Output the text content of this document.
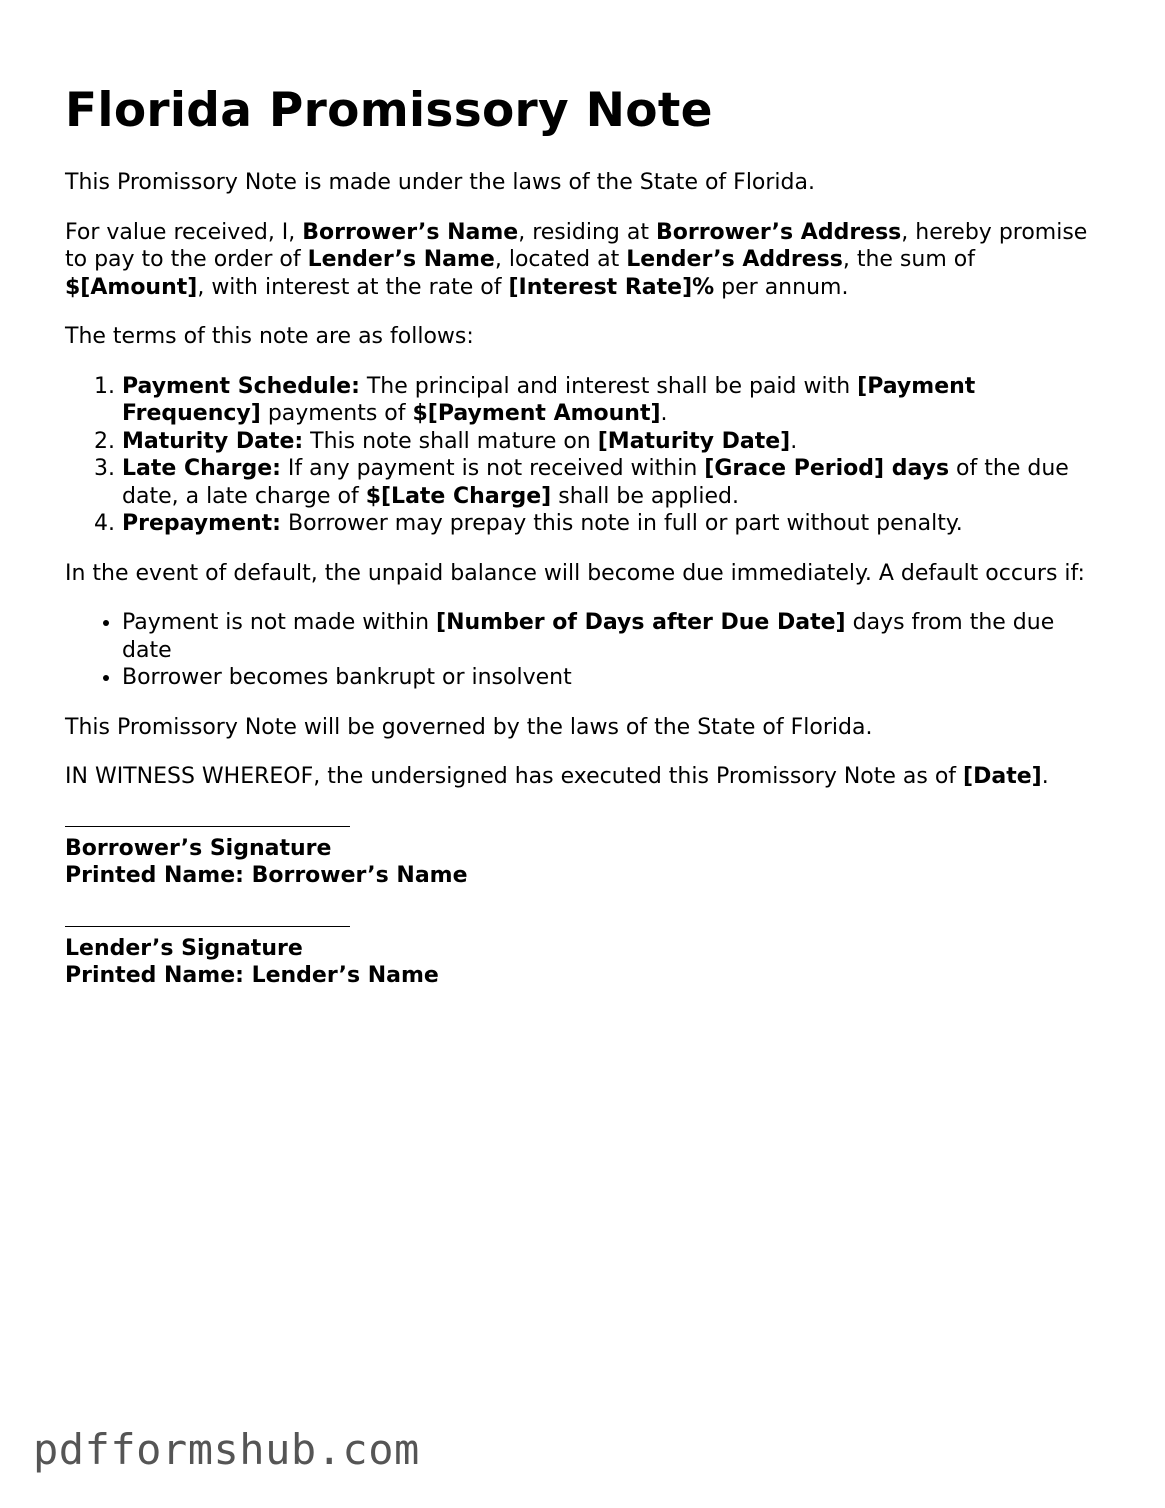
Florida Promissory Note

This Promissory Note is made under the laws of the State of Florida.

For value received, I, Borrower’s Name, residing at Borrower’s Address, hereby promise to pay to the order of Lender’s Name, located at Lender’s Address, the sum of $[Amount], with interest at the rate of [Interest Rate]% per annum.

The terms of this note are as follows:

1. Payment Schedule: The principal and interest shall be paid with [Payment Frequency] payments of $[Payment Amount].
2. Maturity Date: This note shall mature on [Maturity Date].
3. Late Charge: If any payment is not received within [Grace Period] days of the due date, a late charge of $[Late Charge] shall be applied.
4. Prepayment: Borrower may prepay this note in full or part without penalty.

In the event of default, the unpaid balance will become due immediately. A default occurs if:

• Payment is not made within [Number of Days after Due Date] days from the due date
• Borrower becomes bankrupt or insolvent

This Promissory Note will be governed by the laws of the State of Florida.

IN WITNESS WHEREOF, the undersigned has executed this Promissory Note as of [Date].

Borrower’s Signature
Printed Name: Borrower’s Name
Lender’s Signature
Printed Name: Lender’s Name
pdfformshub.com
